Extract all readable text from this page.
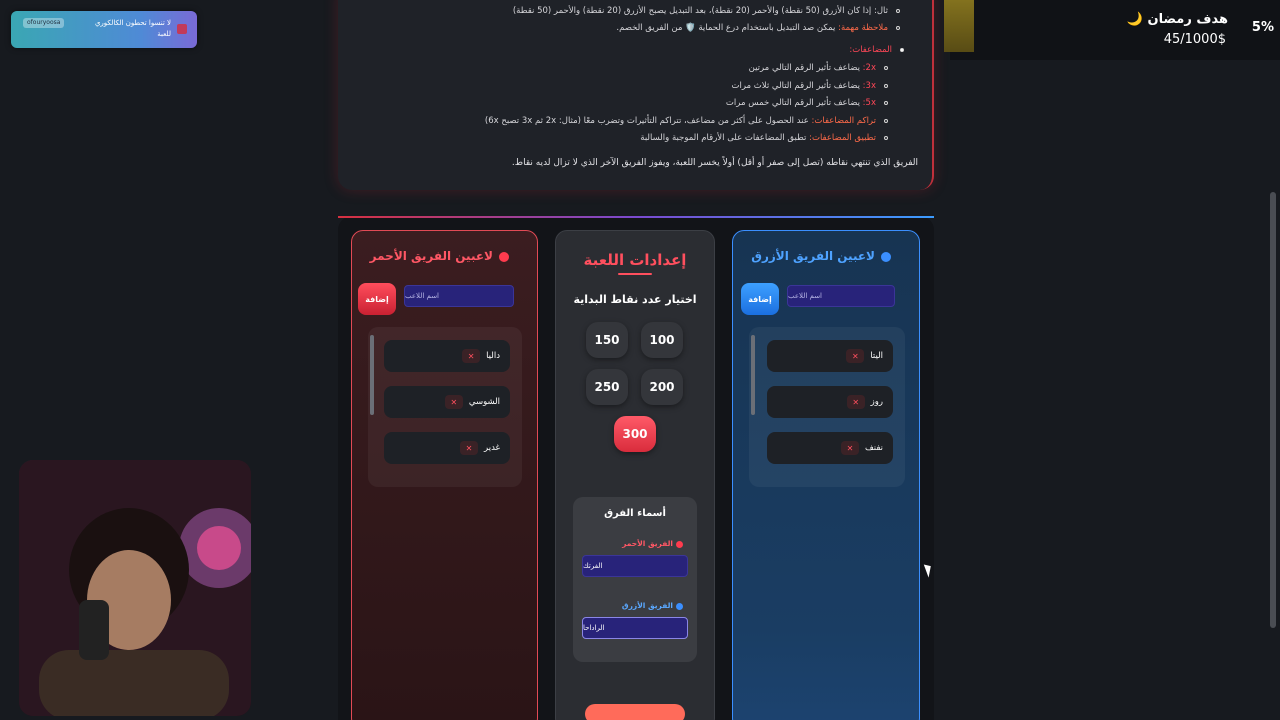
ثال: إذا كان الأزرق (50 نقطة) والأحمر (20 نقطة)، بعد التبديل يصبح الأزرق (20 نقطة) والأحمر (50 نقطة)
ملاحظة مهمة: يمكن صد التبديل باستخدام درع الحماية 🛡️ من الفريق الخصم.
المضاعفات:
2x: يضاعف تأثير الرقم التالي مرتين
3x: يضاعف تأثير الرقم التالي ثلاث مرات
5x: يضاعف تأثير الرقم التالي خمس مرات
تراكم المضاعفات: عند الحصول على أكثر من مضاعف، تتراكم التأثيرات وتضرب معًا (مثال: 2x ثم 3x تصبح 6x)
تطبيق المضاعفات: تطبق المضاعفات على الأرقام الموجبة والسالبة
الفريق الذي تنتهي نقاطه (تصل إلى صفر أو أقل) أولاً يخسر اللعبة، ويفوز الفريق الآخر الذي لا تزال لديه نقاط.
لاعبين الفريق الأحمر
إضافة	اسم اللاعب
✕	داليا
✕	الشوسي
✕	غدير
إعدادات اللعبة
اختيار عدد نقاط البداية
100
150
200
250
300
أسماء الفرق
الفريق الأحمر
الفرتك
الفريق الأزرق
الراداحا
لاعبين الفريق الأزرق
إضافة	اسم اللاعب
✕	اليتا
✕	روز
✕	نفنف
ofouryoosa	لا تنسوا تحطون الكالكوري
للعبة
هدف رمضان 🌙
45/1000$
5%
